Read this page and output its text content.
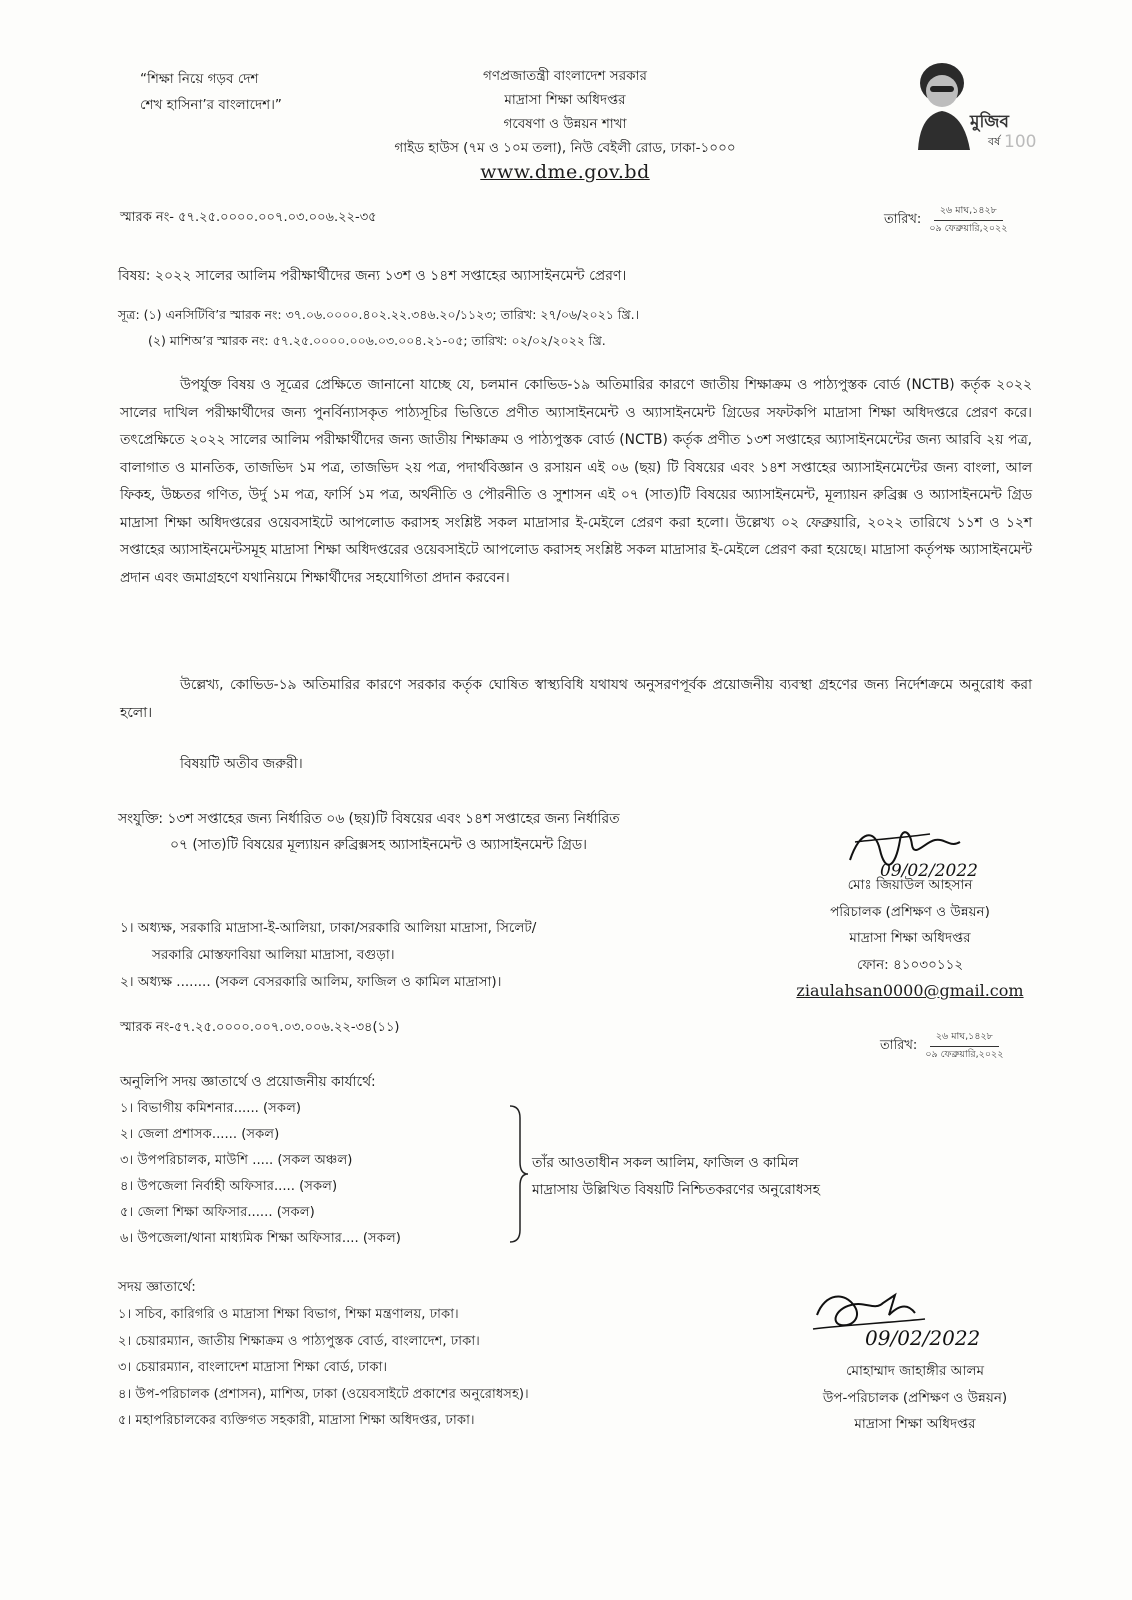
“শিক্ষা নিয়ে গড়ব দেশ
শেখ হাসিনা’র বাংলাদেশ।”
গণপ্রজাতন্ত্রী বাংলাদেশ সরকার
মাদ্রাসা শিক্ষা অধিদপ্তর
গবেষণা ও উন্নয়ন শাখা
গাইড হাউস (৭ম ও ১০ম তলা), নিউ বেইলী রোড, ঢাকা-১০০০
www.dme.gov.bd
মুজিব
বর্ষ 100
স্মারক নং- ৫৭.২৫.০০০০.০০৭.০৩.০০৬.২২-৩৫	তারিখ:
২৬ মাঘ,১৪২৮
০৯ ফেব্রুয়ারি,২০২২
বিষয়: ২০২২ সালের আলিম পরীক্ষার্থীদের জন্য ১৩শ ও ১৪শ সপ্তাহের অ্যাসাইনমেন্ট প্রেরণ।
সূত্র: (১) এনসিটিবি’র স্মারক নং: ৩৭.০৬.০০০০.৪০২.২২.৩৪৬.২০/১১২৩; তারিখ: ২৭/০৬/২০২১ খ্রি.।
(২) মাশিঅ’র স্মারক নং: ৫৭.২৫.০০০০.০০৬.০৩.০০৪.২১-০৫; তারিখ: ০২/০২/২০২২ খ্রি.
উপর্যুক্ত বিষয় ও সূত্রের প্রেক্ষিতে জানানো যাচ্ছে যে, চলমান কোভিড-১৯ অতিমারির কারণে জাতীয় শিক্ষাক্রম ও পাঠ্যপুস্তক বোর্ড (NCTB) কর্তৃক ২০২২ সালের দাখিল পরীক্ষার্থীদের জন্য পুনর্বিন্যাসকৃত পাঠ্যসূচির ভিত্তিতে প্রণীত অ্যাসাইনমেন্ট ও অ্যাসাইনমেন্ট গ্রিডের সফটকপি মাদ্রাসা শিক্ষা অধিদপ্তরে প্রেরণ করে। তৎপ্রেক্ষিতে ২০২২ সালের আলিম পরীক্ষার্থীদের জন্য জাতীয় শিক্ষাক্রম ও পাঠ্যপুস্তক বোর্ড (NCTB) কর্তৃক প্রণীত ১৩শ সপ্তাহের অ্যাসাইনমেন্টের জন্য আরবি ২য় পত্র, বালাগাত ও মানতিক, তাজভিদ ১ম পত্র, তাজভিদ ২য় পত্র, পদার্থবিজ্ঞান ও রসায়ন এই ০৬ (ছয়) টি বিষয়ের এবং ১৪শ সপ্তাহের অ্যাসাইনমেন্টের জন্য বাংলা, আল ফিকহ, উচ্চতর গণিত, উর্দু ১ম পত্র, ফার্সি ১ম পত্র, অর্থনীতি ও পৌরনীতি ও সুশাসন এই ০৭ (সাত)টি বিষয়ের অ্যাসাইনমেন্ট, মূল্যায়ন রুব্রিক্স ও অ্যাসাইনমেন্ট গ্রিড মাদ্রাসা শিক্ষা অধিদপ্তরের ওয়েবসাইটে আপলোড করাসহ সংশ্লিষ্ট সকল মাদ্রাসার ই-মেইলে প্রেরণ করা হলো। উল্লেখ্য ০২ ফেব্রুয়ারি, ২০২২ তারিখে ১১শ ও ১২শ সপ্তাহের অ্যাসাইনমেন্টসমূহ মাদ্রাসা শিক্ষা অধিদপ্তরের ওয়েবসাইটে আপলোড করাসহ সংশ্লিষ্ট সকল মাদ্রাসার ই-মেইলে প্রেরণ করা হয়েছে। মাদ্রাসা কর্তৃপক্ষ অ্যাসাইনমেন্ট প্রদান এবং জমাগ্রহণে যথানিয়মে শিক্ষার্থীদের সহযোগিতা প্রদান করবেন।
উল্লেখ্য, কোভিড-১৯ অতিমারির কারণে সরকার কর্তৃক ঘোষিত স্বাস্থ্যবিধি যথাযথ অনুসরণপূর্বক প্রয়োজনীয় ব্যবস্থা গ্রহণের জন্য নির্দেশক্রমে অনুরোধ করা হলো।
বিষয়টি অতীব জরুরী।
সংযুক্তি: ১৩শ সপ্তাহের জন্য নির্ধারিত ০৬ (ছয়)টি বিষয়ের এবং ১৪শ সপ্তাহের জন্য নির্ধারিত
০৭ (সাত)টি বিষয়ের মূল্যায়ন রুব্রিক্সসহ অ্যাসাইনমেন্ট ও অ্যাসাইনমেন্ট গ্রিড।
09/02/2022
মোঃ জিয়াউল আহসান
পরিচালক (প্রশিক্ষণ ও উন্নয়ন)
মাদ্রাসা শিক্ষা অধিদপ্তর
ফোন: ৪১০৩০১১২
ziaulahsan0000@gmail.com
১। অধ্যক্ষ, সরকারি মাদ্রাসা-ই-আলিয়া, ঢাকা/সরকারি আলিয়া মাদ্রাসা, সিলেট/
সরকারি মোস্তফাবিয়া আলিয়া মাদ্রাসা, বগুড়া।
২। অধ্যক্ষ ........ (সকল বেসরকারি আলিম, ফাজিল ও কামিল মাদ্রাসা)।
স্মারক নং-৫৭.২৫.০০০০.০০৭.০৩.০০৬.২২-৩৪(১১)
তারিখ:
২৬ মাঘ,১৪২৮
০৯ ফেব্রুয়ারি,২০২২
অনুলিপি সদয় জ্ঞাতার্থে ও প্রয়োজনীয় কার্যার্থে:
১। বিভাগীয় কমিশনার...... (সকল)
২। জেলা প্রশাসক...... (সকল)
৩। উপপরিচালক, মাউশি ..... (সকল অঞ্চল)
৪। উপজেলা নির্বাহী অফিসার..... (সকল)
৫। জেলা শিক্ষা অফিসার...... (সকল)
৬। উপজেলা/থানা মাধ্যমিক শিক্ষা অফিসার.... (সকল)
তাঁর আওতাধীন সকল আলিম, ফাজিল ও কামিল
মাদ্রাসায় উল্লিখিত বিষয়টি নিশ্চিতকরণের অনুরোধসহ
সদয় জ্ঞাতার্থে:
১। সচিব, কারিগরি ও মাদ্রাসা শিক্ষা বিভাগ, শিক্ষা মন্ত্রণালয়, ঢাকা।
২। চেয়ারম্যান, জাতীয় শিক্ষাক্রম ও পাঠ্যপুস্তক বোর্ড, বাংলাদেশ, ঢাকা।
৩। চেয়ারম্যান, বাংলাদেশ মাদ্রাসা শিক্ষা বোর্ড, ঢাকা।
৪। উপ-পরিচালক (প্রশাসন), মাশিঅ, ঢাকা (ওয়েবসাইটে প্রকাশের অনুরোধসহ)।
৫। মহাপরিচালকের ব্যক্তিগত সহকারী, মাদ্রাসা শিক্ষা অধিদপ্তর, ঢাকা।
09/02/2022
মোহাম্মাদ জাহাঙ্গীর আলম
উপ-পরিচালক (প্রশিক্ষণ ও উন্নয়ন)
মাদ্রাসা শিক্ষা অধিদপ্তর
